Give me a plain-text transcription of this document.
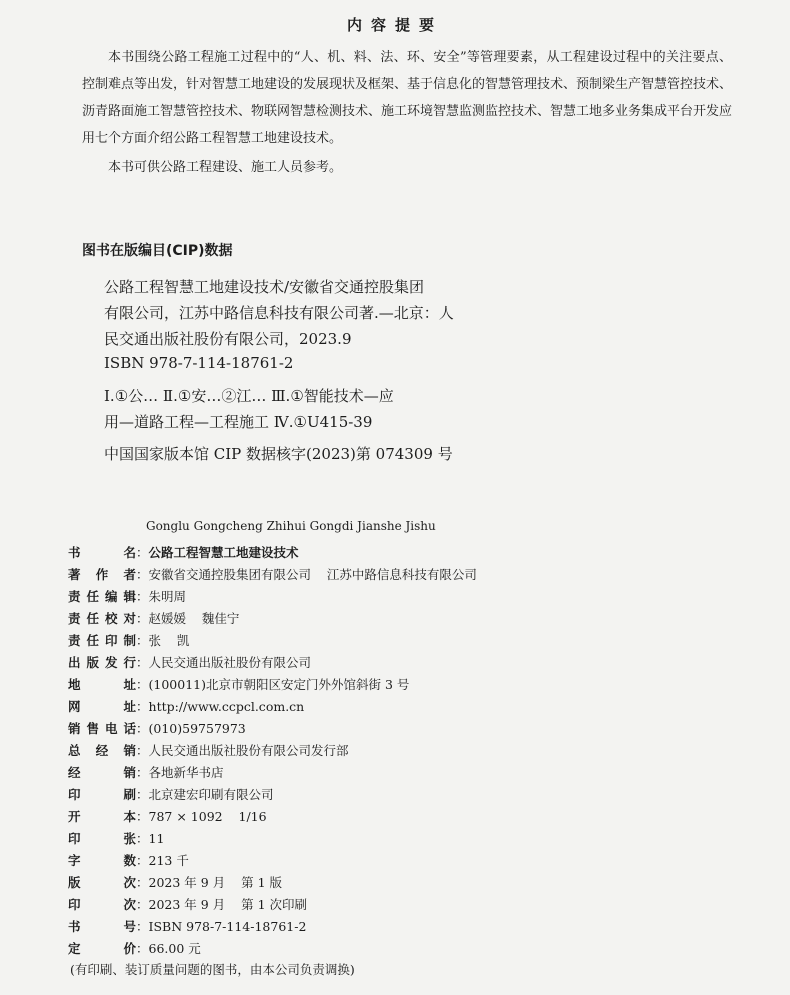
内容提要
本书围绕公路工程施工过程中的“人、机、料、法、环、安全”等管理要素，从工程建设过程中的关注要点、控制难点等出发，针对智慧工地建设的发展现状及框架、基于信息化的智慧管理技术、预制梁生产智慧管控技术、沥青路面施工智慧管控技术、物联网智慧检测技术、施工环境智慧监测监控技术、智慧工地多业务集成平台开发应用七个方面介绍公路工程智慧工地建设技术。
本书可供公路工程建设、施工人员参考。
图书在版编目(CIP)数据
公路工程智慧工地建设技术/安徽省交通控股集团
有限公司，江苏中路信息科技有限公司著.—北京：人
民交通出版社股份有限公司，2023.9
ISBN 978-7-114-18761-2
Ⅰ.①公… Ⅱ.①安…②江… Ⅲ.①智能技术—应
用—道路工程—工程施工 Ⅳ.①U415-39
中国国家版本馆 CIP 数据核字(2023)第 074309 号
Gonglu Gongcheng Zhihui Gongdi Jianshe Jishu
书名 ： 公路工程智慧工地建设技术
著作者 ： 安徽省交通控股集团有限公司    江苏中路信息科技有限公司
责任编辑 ： 朱明周
责任校对 ： 赵媛媛    魏佳宁
责任印制 ： 张    凯
出版发行 ： 人民交通出版社股份有限公司
地址 ： (100011)北京市朝阳区安定门外外馆斜街 3 号
网址 ： http://www.ccpcl.com.cn
销售电话 ： (010)59757973
总经销 ： 人民交通出版社股份有限公司发行部
经销 ： 各地新华书店
印刷 ： 北京建宏印刷有限公司
开本 ： 787 × 1092    1/16
印张 ： 11
字数 ： 213 千
版次 ： 2023 年 9 月    第 1 版
印次 ： 2023 年 9 月    第 1 次印刷
书号 ： ISBN 978-7-114-18761-2
定价 ： 66.00 元
(有印刷、装订质量问题的图书，由本公司负责调换)
